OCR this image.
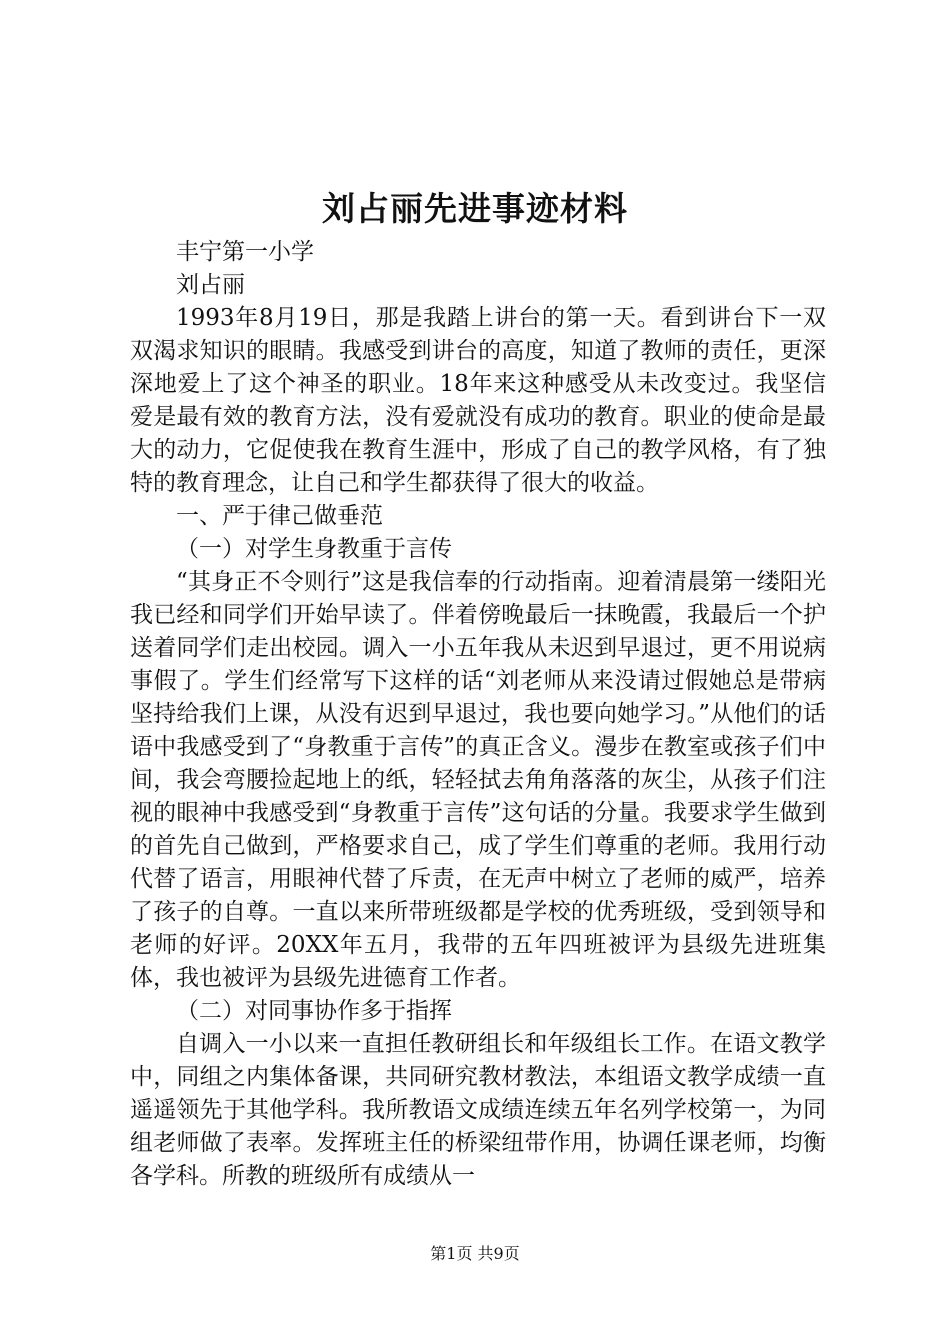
刘占丽先进事迹材料

丰宁第一小学

刘占丽

1993年8月19日，那是我踏上讲台的第一天。看到讲台下一双双渴求知识的眼睛。我感受到讲台的高度，知道了教师的责任，更深深地爱上了这个神圣的职业。18年来这种感受从未改变过。我坚信爱是最有效的教育方法，没有爱就没有成功的教育。职业的使命是最大的动力，它促使我在教育生涯中，形成了自己的教学风格，有了独特的教育理念，让自己和学生都获得了很大的收益。

一、严于律己做垂范

（一）对学生身教重于言传

“其身正不令则行”这是我信奉的行动指南。迎着清晨第一缕阳光我已经和同学们开始早读了。伴着傍晚最后一抹晚霞，我最后一个护送着同学们走出校园。调入一小五年我从未迟到早退过，更不用说病事假了。学生们经常写下这样的话“刘老师从来没请过假她总是带病坚持给我们上课，从没有迟到早退过，我也要向她学习。”从他们的话语中我感受到了“身教重于言传”的真正含义。漫步在教室或孩子们中间，我会弯腰捡起地上的纸，轻轻拭去角角落落的灰尘，从孩子们注视的眼神中我感受到“身教重于言传”这句话的分量。我要求学生做到的首先自己做到，严格要求自己，成了学生们尊重的老师。我用行动代替了语言，用眼神代替了斥责，在无声中树立了老师的威严，培养了孩子的自尊。一直以来所带班级都是学校的优秀班级，受到领导和老师的好评。20XX年五月，我带的五年四班被评为县级先进班集体，我也被评为县级先进德育工作者。

（二）对同事协作多于指挥

自调入一小以来一直担任教研组长和年级组长工作。在语文教学中，同组之内集体备课，共同研究教材教法，本组语文教学成绩一直遥遥领先于其他学科。我所教语文成绩连续五年名列学校第一，为同组老师做了表率。发挥班主任的桥梁纽带作用，协调任课老师，均衡各学科。所教的班级所有成绩从一

第1页 共9页
